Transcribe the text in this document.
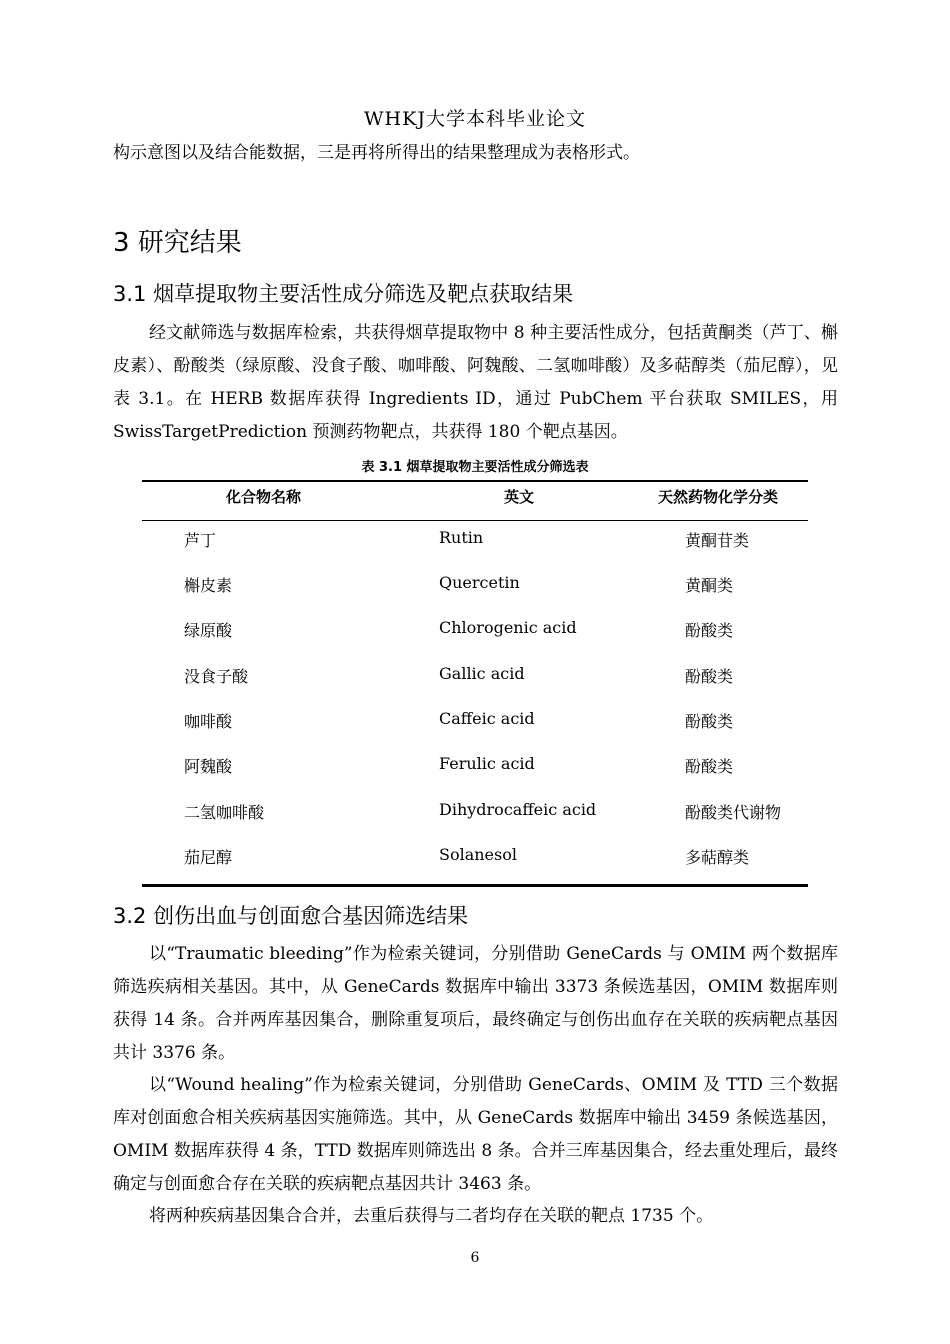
WHKJ大学本科毕业论文
构示意图以及结合能数据，三是再将所得出的结果整理成为表格形式。
3 研究结果
3.1 烟草提取物主要活性成分筛选及靶点获取结果
经文献筛选与数据库检索，共获得烟草提取物中 8 种主要活性成分，包括黄酮类（芦丁、槲皮素）、酚酸类（绿原酸、没食子酸、咖啡酸、阿魏酸、二氢咖啡酸）及多萜醇类（茄尼醇），见表 3.1。在 HERB 数据库获得 Ingredients ID，通过 PubChem 平台获取 SMILES，用 SwissTargetPrediction 预测药物靶点，共获得 180 个靶点基因。
表 3.1 烟草提取物主要活性成分筛选表
化合物名称	英文	天然药物化学分类
芦丁	Rutin	黄酮苷类
槲皮素	Quercetin	黄酮类
绿原酸	Chlorogenic acid	酚酸类
没食子酸	Gallic acid	酚酸类
咖啡酸	Caffeic acid	酚酸类
阿魏酸	Ferulic acid	酚酸类
二氢咖啡酸	Dihydrocaffeic acid	酚酸类代谢物
茄尼醇	Solanesol	多萜醇类
3.2 创伤出血与创面愈合基因筛选结果
以“Traumatic bleeding”作为检索关键词，分别借助 GeneCards 与 OMIM 两个数据库筛选疾病相关基因。其中，从 GeneCards 数据库中输出 3373 条候选基因，OMIM 数据库则获得 14 条。合并两库基因集合，删除重复项后，最终确定与创伤出血存在关联的疾病靶点基因共计 3376 条。
以“Wound healing”作为检索关键词，分别借助 GeneCards、OMIM 及 TTD 三个数据库对创面愈合相关疾病基因实施筛选。其中，从 GeneCards 数据库中输出 3459 条候选基因，OMIM 数据库获得 4 条，TTD 数据库则筛选出 8 条。合并三库基因集合，经去重处理后，最终确定与创面愈合存在关联的疾病靶点基因共计 3463 条。
将两种疾病基因集合合并，去重后获得与二者均存在关联的靶点 1735 个。
6
